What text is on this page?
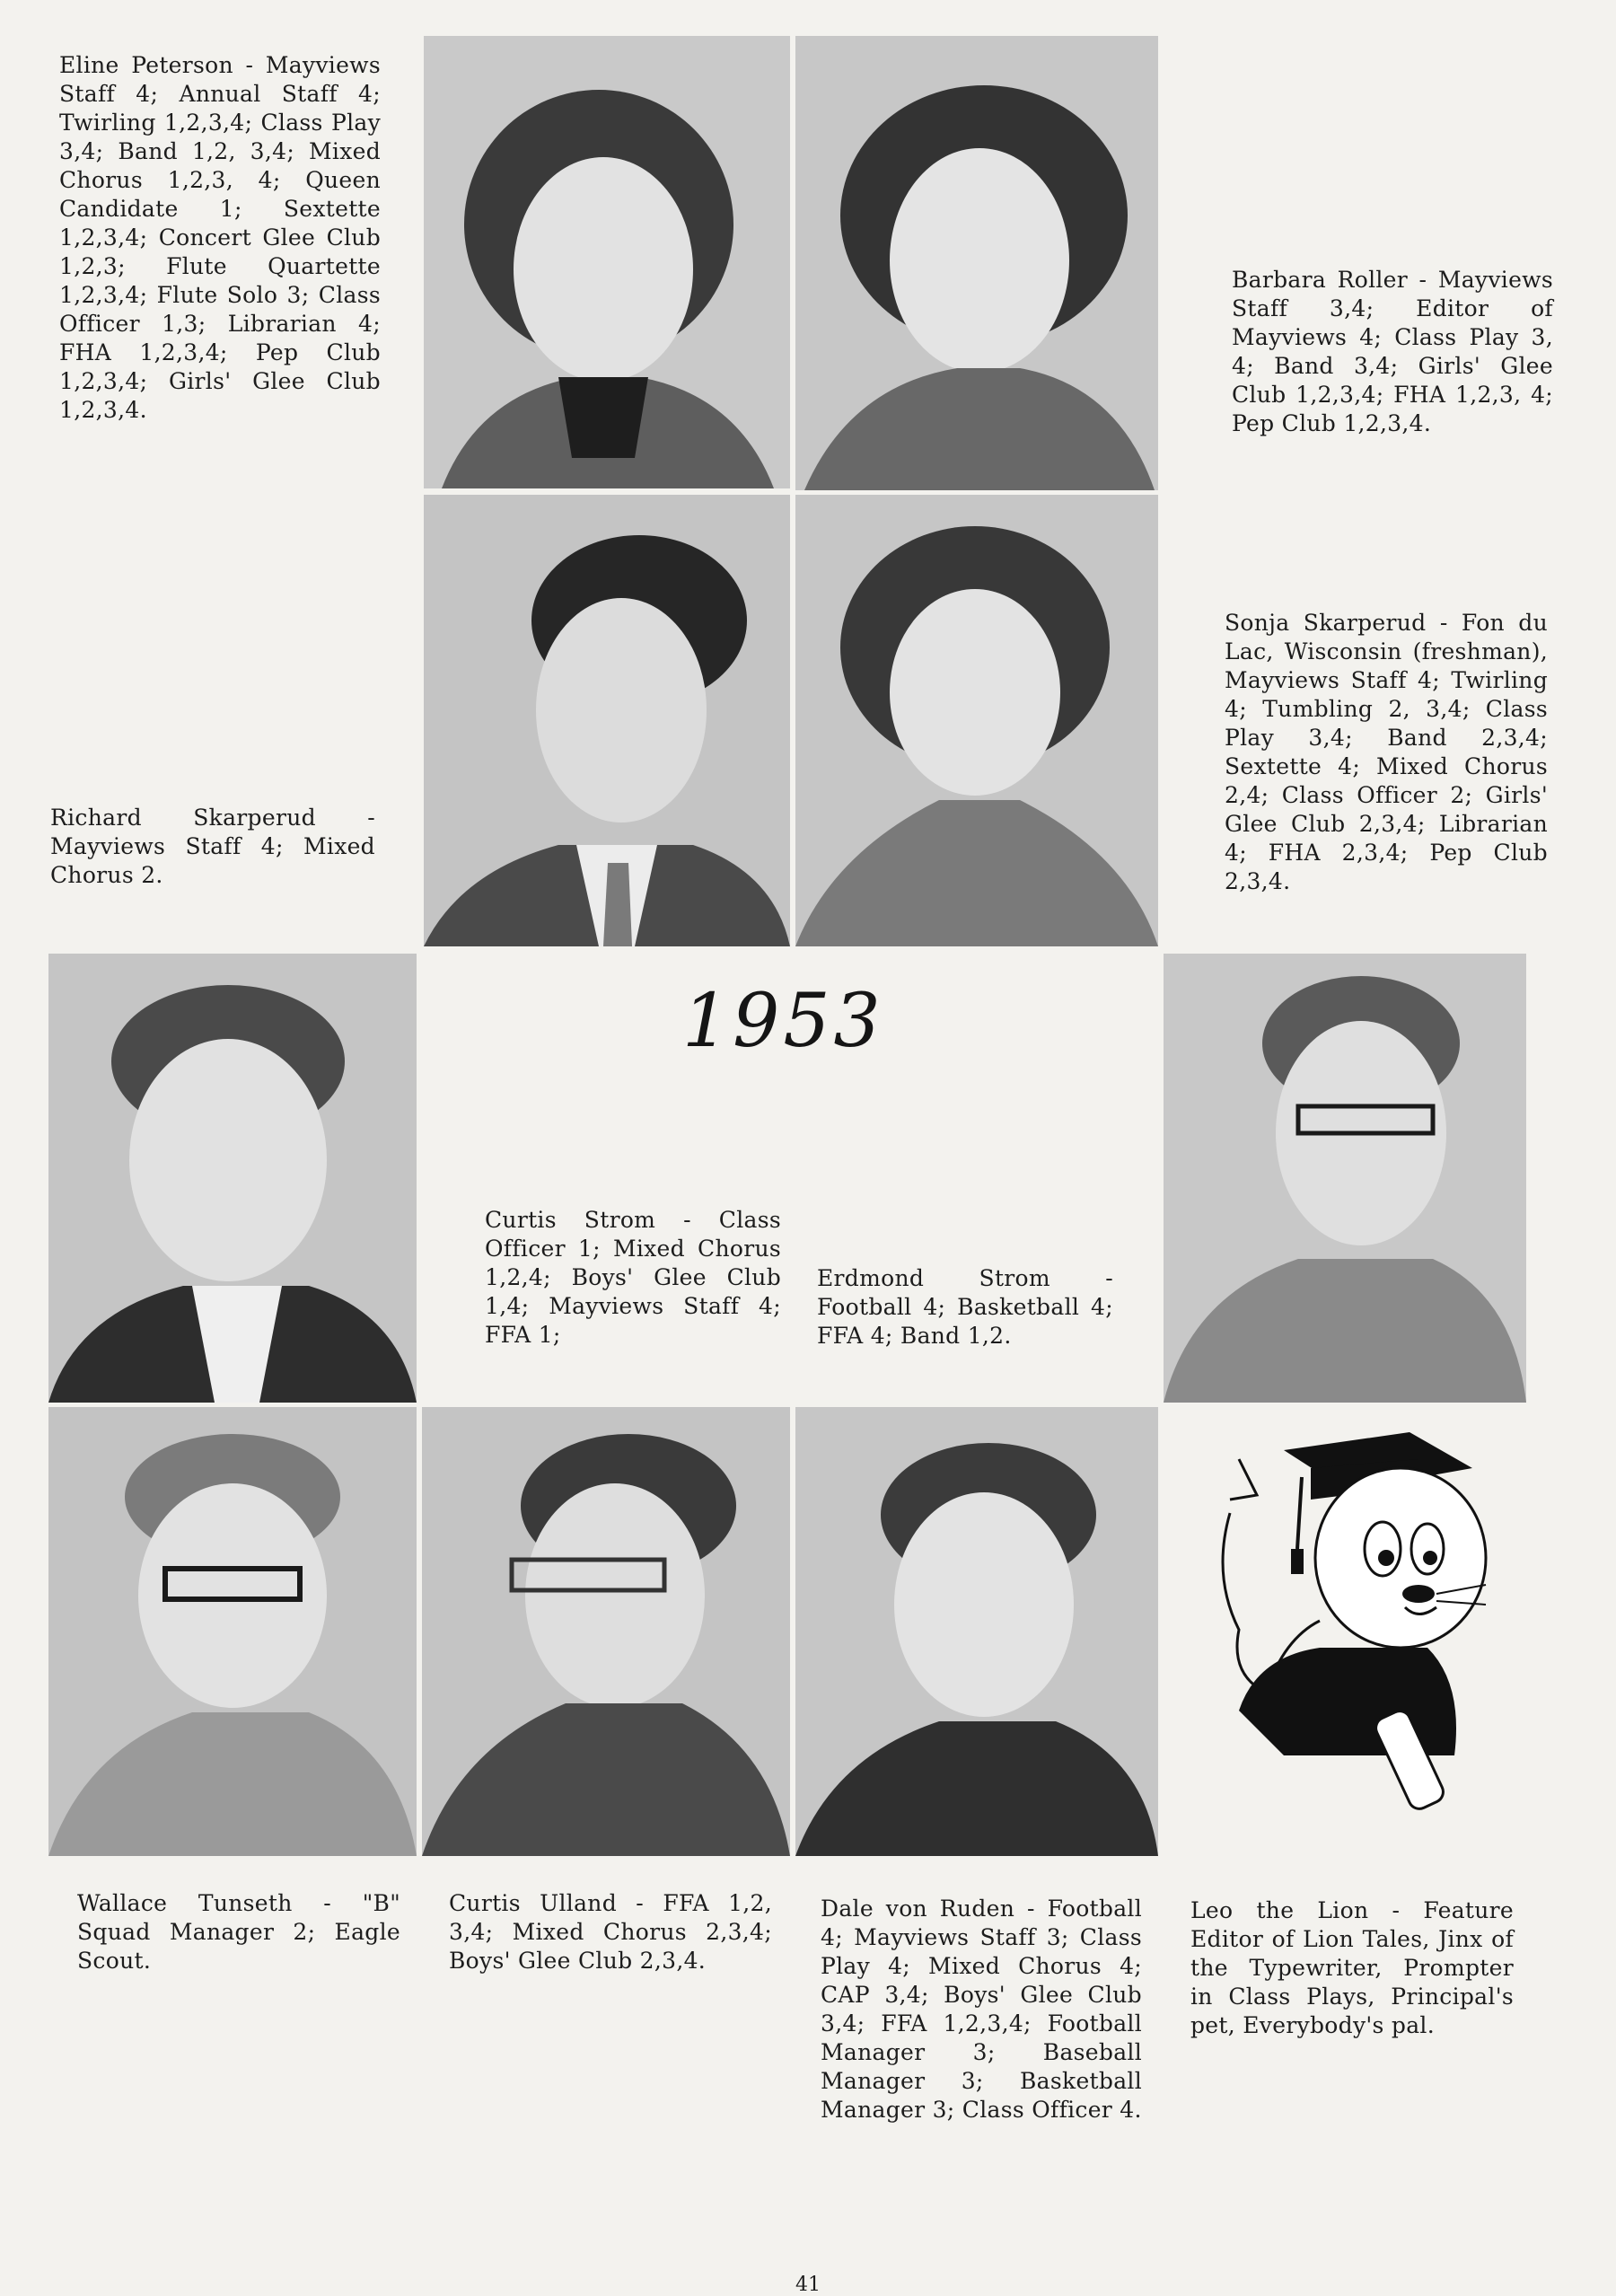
1953
Eline Peterson - Mayviews Staff 4; Annual Staff 4; Twirling 1,2,3,4; Class Play 3,4; Band 1,2, 3,4; Mixed Chorus 1,2,3, 4; Queen Candidate 1; Sextette 1,2,3,4; Concert Glee Club 1,2,3; Flute Quartette 1,2,3,4; Flute Solo 3; Class Officer 1,3; Librarian 4; FHA 1,2,3,4; Pep Club 1,2,3,4; Girls' Glee Club 1,2,3,4.
Barbara Roller - Mayviews Staff 3,4; Editor of Mayviews 4; Class Play 3, 4; Band 3,4; Girls' Glee Club 1,2,3,4; FHA 1,2,3, 4; Pep Club 1,2,3,4.
Richard Skarperud - Mayviews Staff 4; Mixed Chorus 2.
Sonja Skarperud - Fon du Lac, Wisconsin (freshman), Mayviews Staff 4; Twirling 4; Tumbling 2, 3,4; Class Play 3,4; Band 2,3,4; Sextette 4; Mixed Chorus 2,4; Class Officer 2; Girls' Glee Club 2,3,4; Librarian 4; FHA 2,3,4; Pep Club 2,3,4.
Curtis Strom - Class Officer 1; Mixed Chorus 1,2,4; Boys' Glee Club 1,4; Mayviews Staff 4; FFA 1;
Erdmond Strom - Football 4; Basketball 4; FFA 4; Band 1,2.
Wallace Tunseth - "B" Squad Manager 2; Eagle Scout.
Curtis Ulland - FFA 1,2, 3,4; Mixed Chorus 2,3,4; Boys' Glee Club 2,3,4.
Dale von Ruden - Football 4; Mayviews Staff 3; Class Play 4; Mixed Chorus 4; CAP 3,4; Boys' Glee Club 3,4; FFA 1,2,3,4; Football Manager 3; Baseball Manager 3; Basketball Manager 3; Class Officer 4.
Leo the Lion - Feature Editor of Lion Tales, Jinx of the Typewriter, Prompter in Class Plays, Principal's pet, Everybody's pal.
41
